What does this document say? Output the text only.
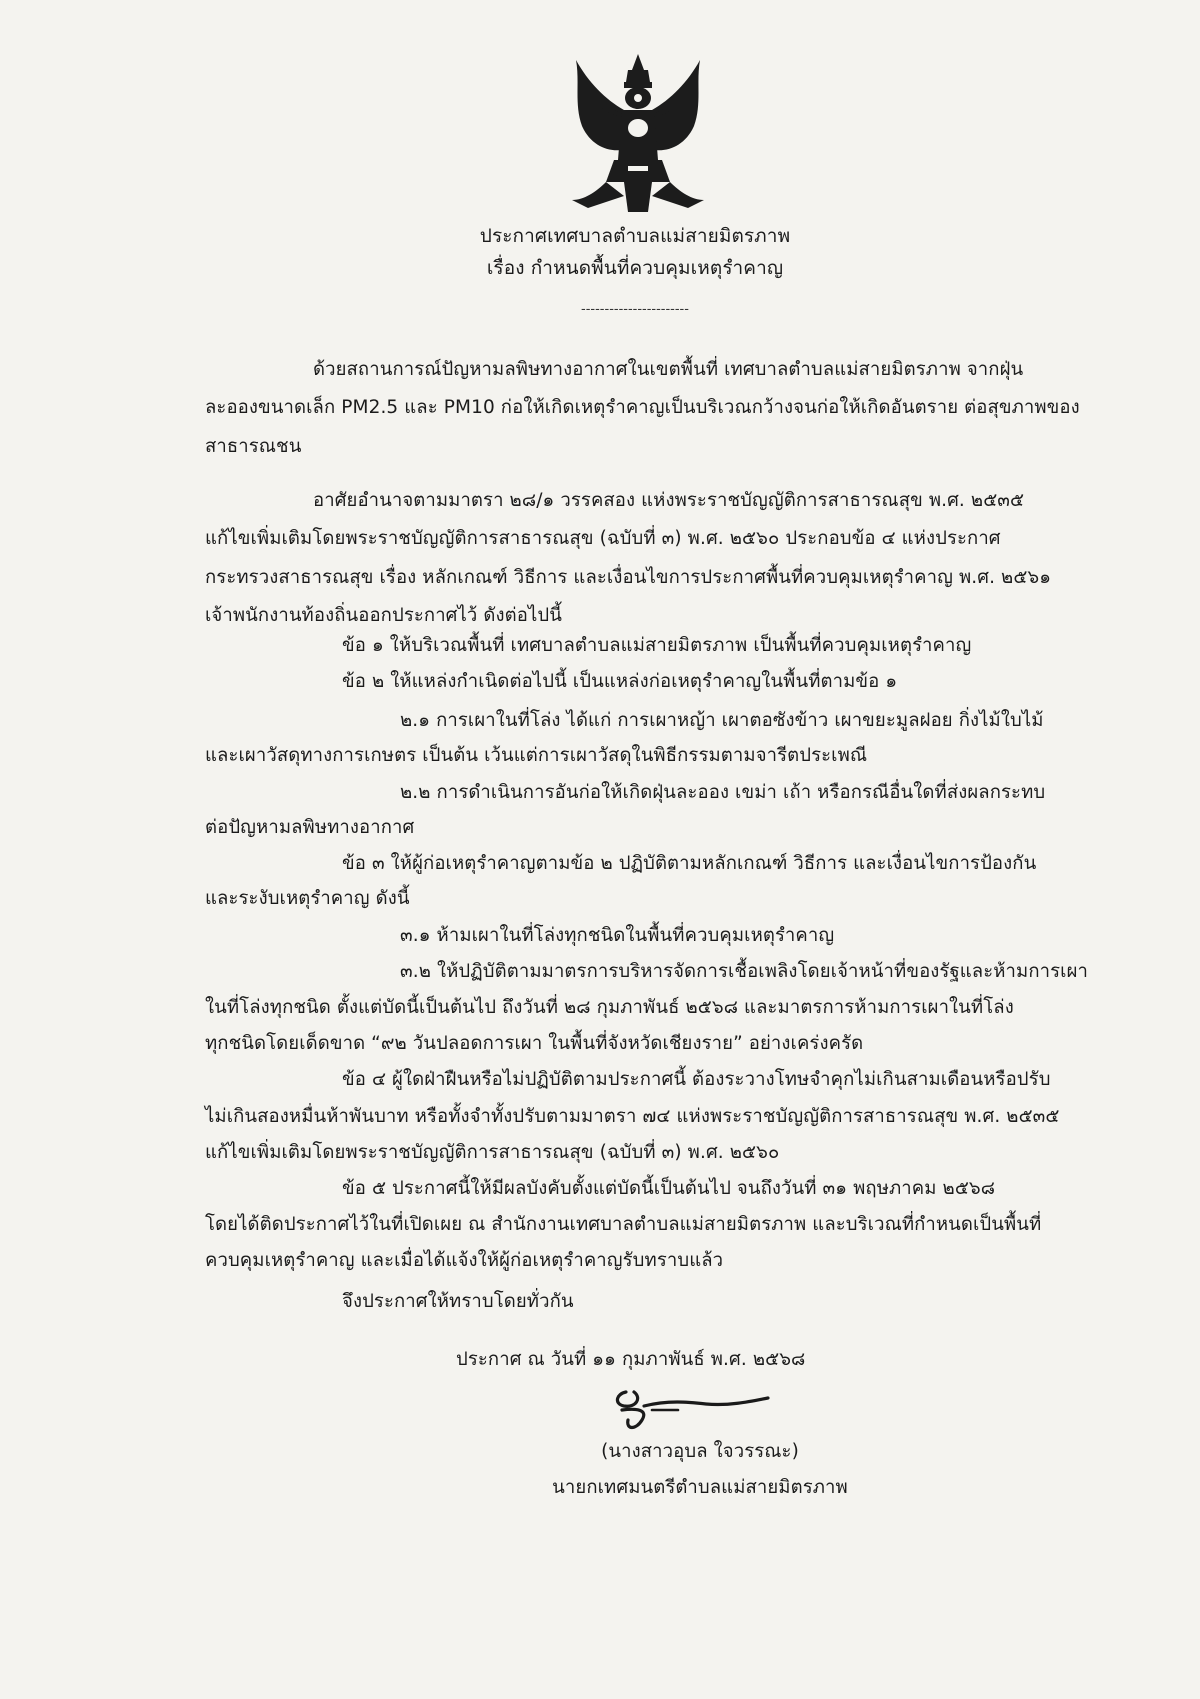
ประกาศเทศบาลตำบลแม่สายมิตรภาพ

เรื่อง กำหนดพื้นที่ควบคุมเหตุรำคาญ

-----------------------

ด้วยสถานการณ์ปัญหามลพิษทางอากาศในเขตพื้นที่ เทศบาลตำบลแม่สายมิตรภาพ จากฝุ่น

ละอองขนาดเล็ก PM2.5 และ PM10 ก่อให้เกิดเหตุรำคาญเป็นบริเวณกว้างจนก่อให้เกิดอันตราย ต่อสุขภาพของ

สาธารณชน

อาศัยอำนาจตามมาตรา ๒๘/๑ วรรคสอง แห่งพระราชบัญญัติการสาธารณสุข พ.ศ. ๒๕๓๕

แก้ไขเพิ่มเติมโดยพระราชบัญญัติการสาธารณสุข (ฉบับที่ ๓) พ.ศ. ๒๕๖๐ ประกอบข้อ ๔ แห่งประกาศ

กระทรวงสาธารณสุข เรื่อง หลักเกณฑ์ วิธีการ และเงื่อนไขการประกาศพื้นที่ควบคุมเหตุรำคาญ พ.ศ. ๒๕๖๑

เจ้าพนักงานท้องถิ่นออกประกาศไว้ ดังต่อไปนี้

ข้อ ๑ ให้บริเวณพื้นที่ เทศบาลตำบลแม่สายมิตรภาพ เป็นพื้นที่ควบคุมเหตุรำคาญ

ข้อ ๒ ให้แหล่งกำเนิดต่อไปนี้ เป็นแหล่งก่อเหตุรำคาญในพื้นที่ตามข้อ ๑

๒.๑ การเผาในที่โล่ง ได้แก่ การเผาหญ้า เผาตอซังข้าว เผาขยะมูลฝอย กิ่งไม้ใบไม้

และเผาวัสดุทางการเกษตร เป็นต้น เว้นแต่การเผาวัสดุในพิธีกรรมตามจารีตประเพณี

๒.๒ การดำเนินการอันก่อให้เกิดฝุ่นละออง เขม่า เถ้า หรือกรณีอื่นใดที่ส่งผลกระทบ

ต่อปัญหามลพิษทางอากาศ

ข้อ ๓ ให้ผู้ก่อเหตุรำคาญตามข้อ ๒ ปฏิบัติตามหลักเกณฑ์ วิธีการ และเงื่อนไขการป้องกัน

และระงับเหตุรำคาญ ดังนี้

๓.๑ ห้ามเผาในที่โล่งทุกชนิดในพื้นที่ควบคุมเหตุรำคาญ

๓.๒ ให้ปฏิบัติตามมาตรการบริหารจัดการเชื้อเพลิงโดยเจ้าหน้าที่ของรัฐและห้ามการเผา

ในที่โล่งทุกชนิด ตั้งแต่บัดนี้เป็นต้นไป ถึงวันที่ ๒๘ กุมภาพันธ์ ๒๕๖๘ และมาตรการห้ามการเผาในที่โล่ง

ทุกชนิดโดยเด็ดขาด “๙๒ วันปลอดการเผา ในพื้นที่จังหวัดเชียงราย” อย่างเคร่งครัด

ข้อ ๔ ผู้ใดฝ่าฝืนหรือไม่ปฏิบัติตามประกาศนี้ ต้องระวางโทษจำคุกไม่เกินสามเดือนหรือปรับ

ไม่เกินสองหมื่นห้าพันบาท หรือทั้งจำทั้งปรับตามมาตรา ๗๔ แห่งพระราชบัญญัติการสาธารณสุข พ.ศ. ๒๕๓๕

แก้ไขเพิ่มเติมโดยพระราชบัญญัติการสาธารณสุข (ฉบับที่ ๓) พ.ศ. ๒๕๖๐

ข้อ ๕ ประกาศนี้ให้มีผลบังคับตั้งแต่บัดนี้เป็นต้นไป จนถึงวันที่ ๓๑ พฤษภาคม ๒๕๖๘

โดยได้ติดประกาศไว้ในที่เปิดเผย ณ สำนักงานเทศบาลตำบลแม่สายมิตรภาพ และบริเวณที่กำหนดเป็นพื้นที่

ควบคุมเหตุรำคาญ และเมื่อได้แจ้งให้ผู้ก่อเหตุรำคาญรับทราบแล้ว

จึงประกาศให้ทราบโดยทั่วกัน

ประกาศ ณ วันที่ ๑๑ กุมภาพันธ์ พ.ศ. ๒๕๖๘

(นางสาวอุบล ใจวรรณะ)

นายกเทศมนตรีตำบลแม่สายมิตรภาพ
